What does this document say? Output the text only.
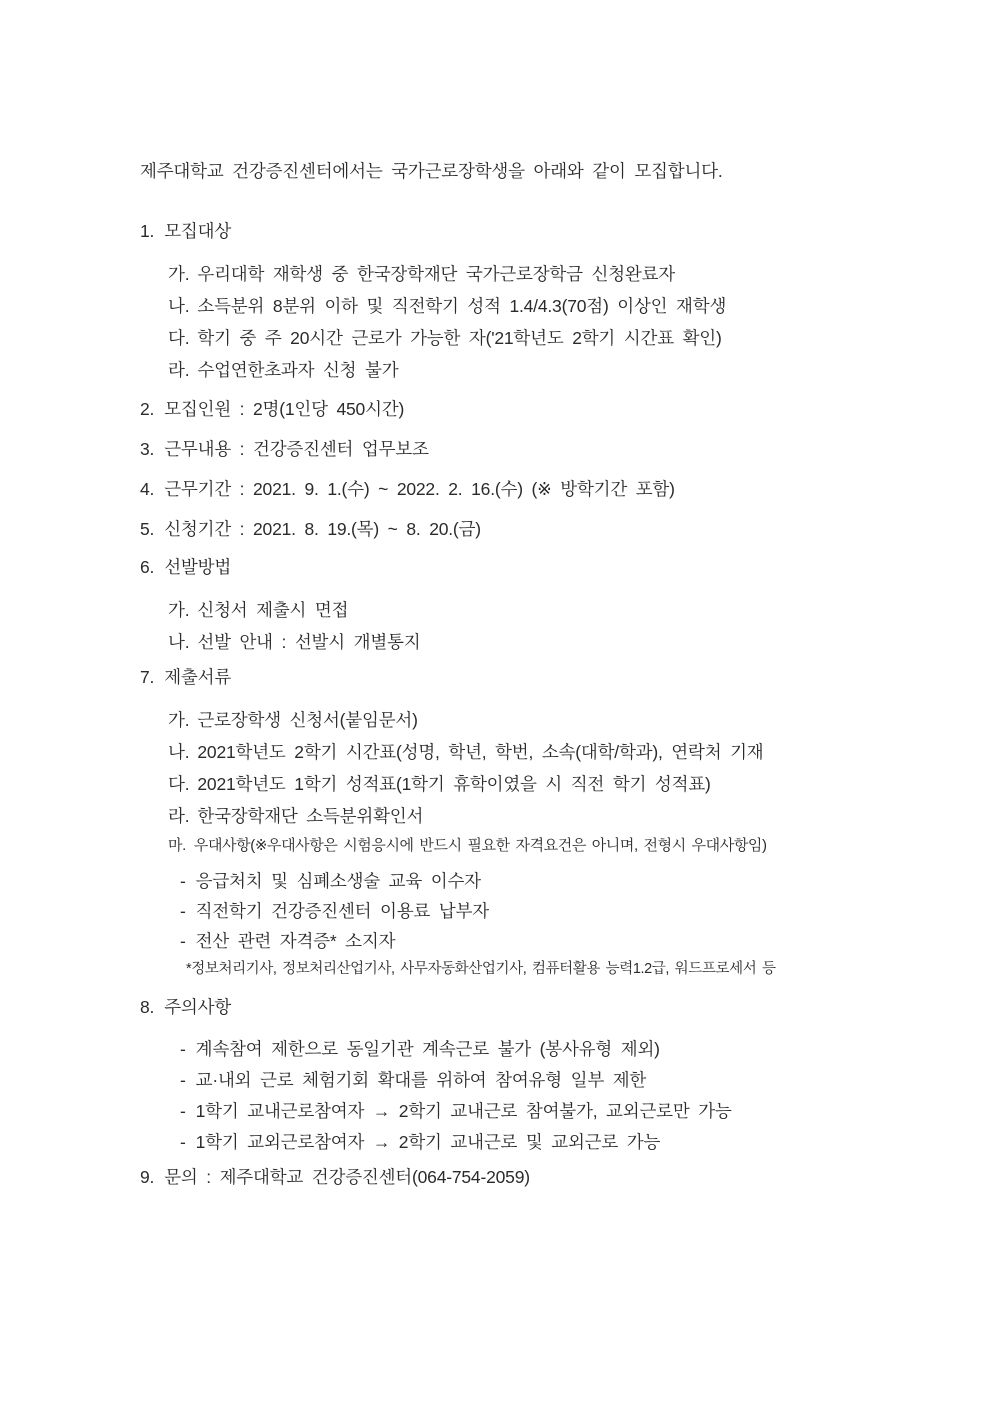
제주대학교 건강증진센터에서는 국가근로장학생을 아래와 같이 모집합니다.

1. 모집대상

가. 우리대학 재학생 중 한국장학재단 국가근로장학금 신청완료자

나. 소득분위 8분위 이하 및 직전학기 성적 1.4/4.3(70점) 이상인 재학생

다. 학기 중 주 20시간 근로가 가능한 자('21학년도 2학기 시간표 확인)

라. 수업연한초과자 신청 불가

2. 모집인원 : 2명(1인당 450시간)

3. 근무내용 : 건강증진센터 업무보조

4. 근무기간 : 2021. 9. 1.(수) ~ 2022. 2. 16.(수) (※ 방학기간 포함)

5. 신청기간 : 2021. 8. 19.(목) ~ 8. 20.(금)

6. 선발방법

가. 신청서 제출시 면접

나. 선발 안내 : 선발시 개별통지

7. 제출서류

가. 근로장학생 신청서(붙임문서)

나. 2021학년도 2학기 시간표(성명, 학년, 학번, 소속(대학/학과), 연락처 기재

다. 2021학년도 1학기 성적표(1학기 휴학이였을 시 직전 학기 성적표)

라. 한국장학재단 소득분위확인서

마. 우대사항(※우대사항은 시험응시에 반드시 필요한 자격요건은 아니며, 전형시 우대사항임)

- 응급처치 및 심폐소생술 교육 이수자

- 직전학기 건강증진센터 이용료 납부자

- 전산 관련 자격증* 소지자

*정보처리기사, 정보처리산업기사, 사무자동화산업기사, 컴퓨터활용 능력1.2급, 워드프로세서 등

8. 주의사항

- 계속참여 제한으로 동일기관 계속근로 불가 (봉사유형 제외)

- 교·내외 근로 체험기회 확대를 위하여 참여유형 일부 제한

- 1학기 교내근로참여자 → 2학기 교내근로 참여불가, 교외근로만 가능

- 1학기 교외근로참여자 → 2학기 교내근로 및 교외근로 가능

9. 문의 : 제주대학교 건강증진센터(064-754-2059)
